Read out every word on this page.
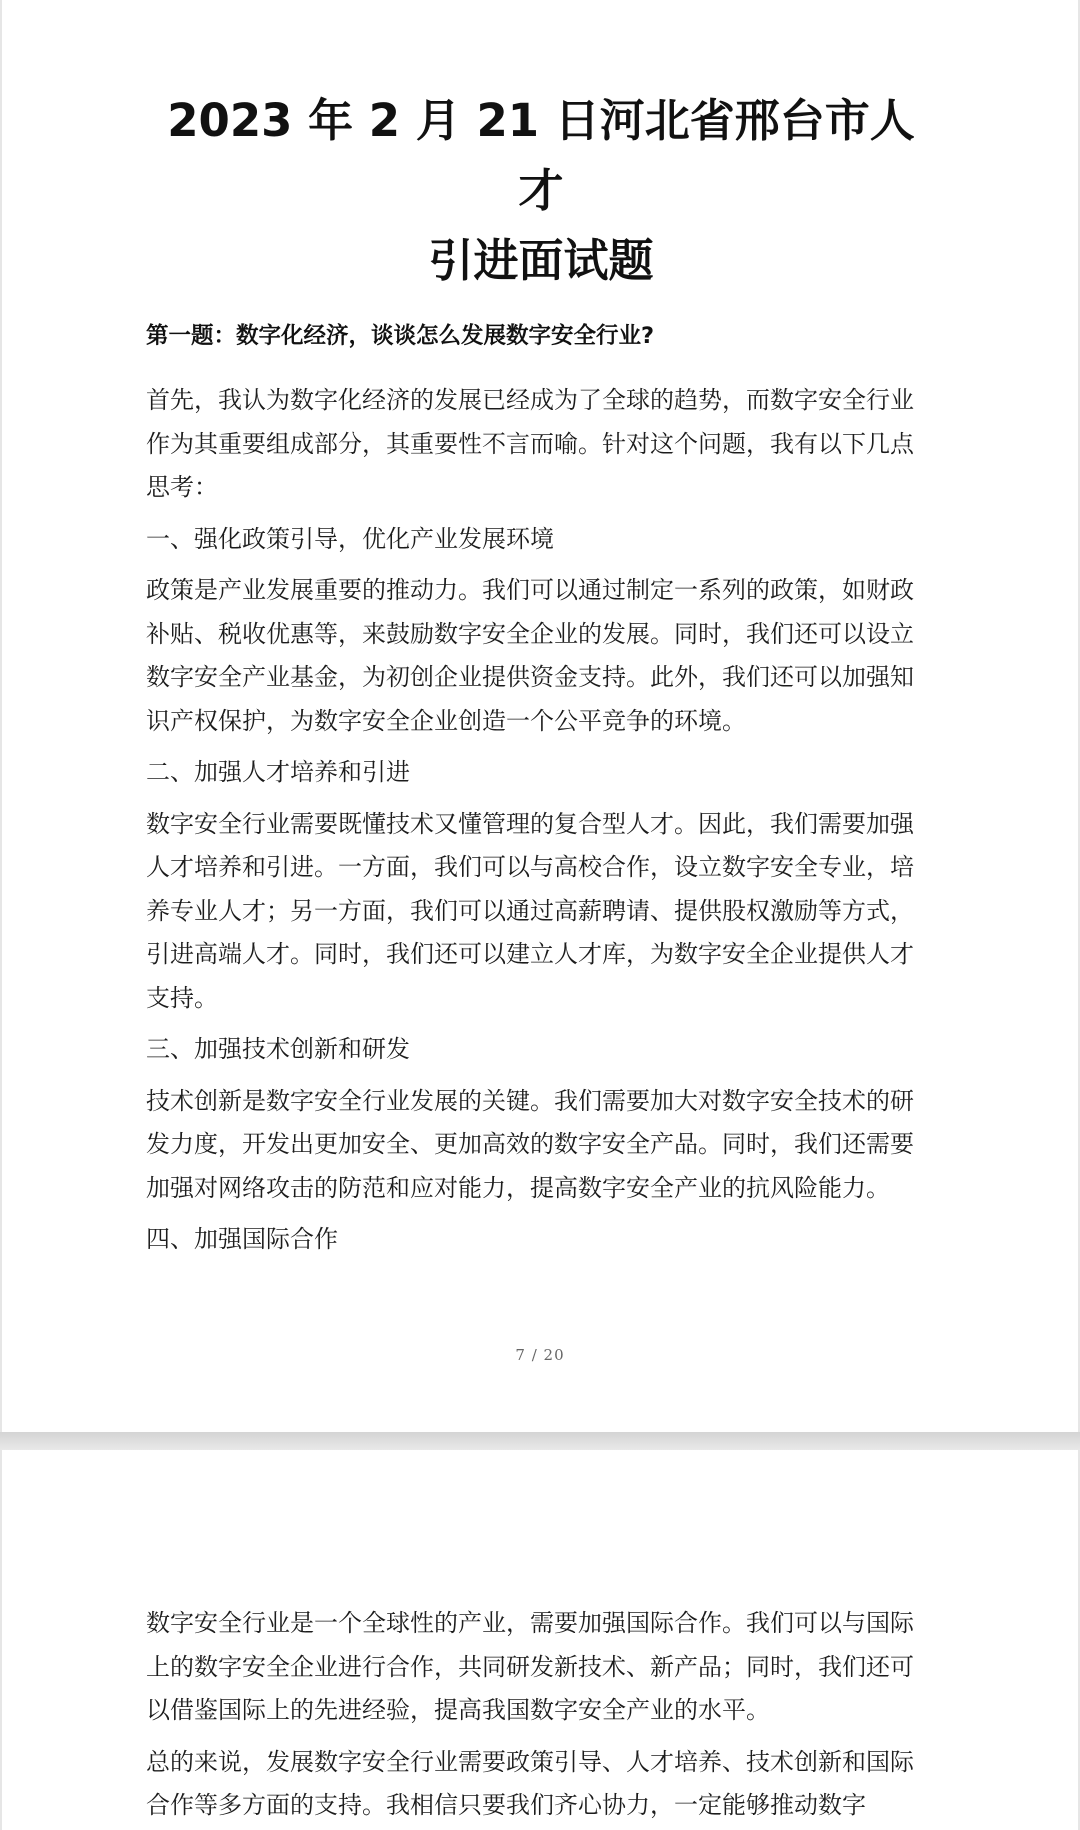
2023 年 2 月 21 日河北省邢台市人才
引进面试题
第一题：数字化经济，谈谈怎么发展数字安全行业?

首先，我认为数字化经济的发展已经成为了全球的趋势，而数字安全行业作为其重要组成部分，其重要性不言而喻。针对这个问题，我有以下几点思考：

一、强化政策引导，优化产业发展环境

政策是产业发展重要的推动力。我们可以通过制定一系列的政策，如财政补贴、税收优惠等，来鼓励数字安全企业的发展。同时，我们还可以设立数字安全产业基金，为初创企业提供资金支持。此外，我们还可以加强知识产权保护，为数字安全企业创造一个公平竞争的环境。

二、加强人才培养和引进

数字安全行业需要既懂技术又懂管理的复合型人才。因此，我们需要加强人才培养和引进。一方面，我们可以与高校合作，设立数字安全专业，培养专业人才；另一方面，我们可以通过高薪聘请、提供股权激励等方式，引进高端人才。同时，我们还可以建立人才库，为数字安全企业提供人才支持。

三、加强技术创新和研发

技术创新是数字安全行业发展的关键。我们需要加大对数字安全技术的研发力度，开发出更加安全、更加高效的数字安全产品。同时，我们还需要加强对网络攻击的防范和应对能力，提高数字安全产业的抗风险能力。

四、加强国际合作
7 / 20

数字安全行业是一个全球性的产业，需要加强国际合作。我们可以与国际上的数字安全企业进行合作，共同研发新技术、新产品；同时，我们还可以借鉴国际上的先进经验，提高我国数字安全产业的水平。

总的来说，发展数字安全行业需要政策引导、人才培养、技术创新和国际合作等多方面的支持。我相信只要我们齐心协力，一定能够推动数字
